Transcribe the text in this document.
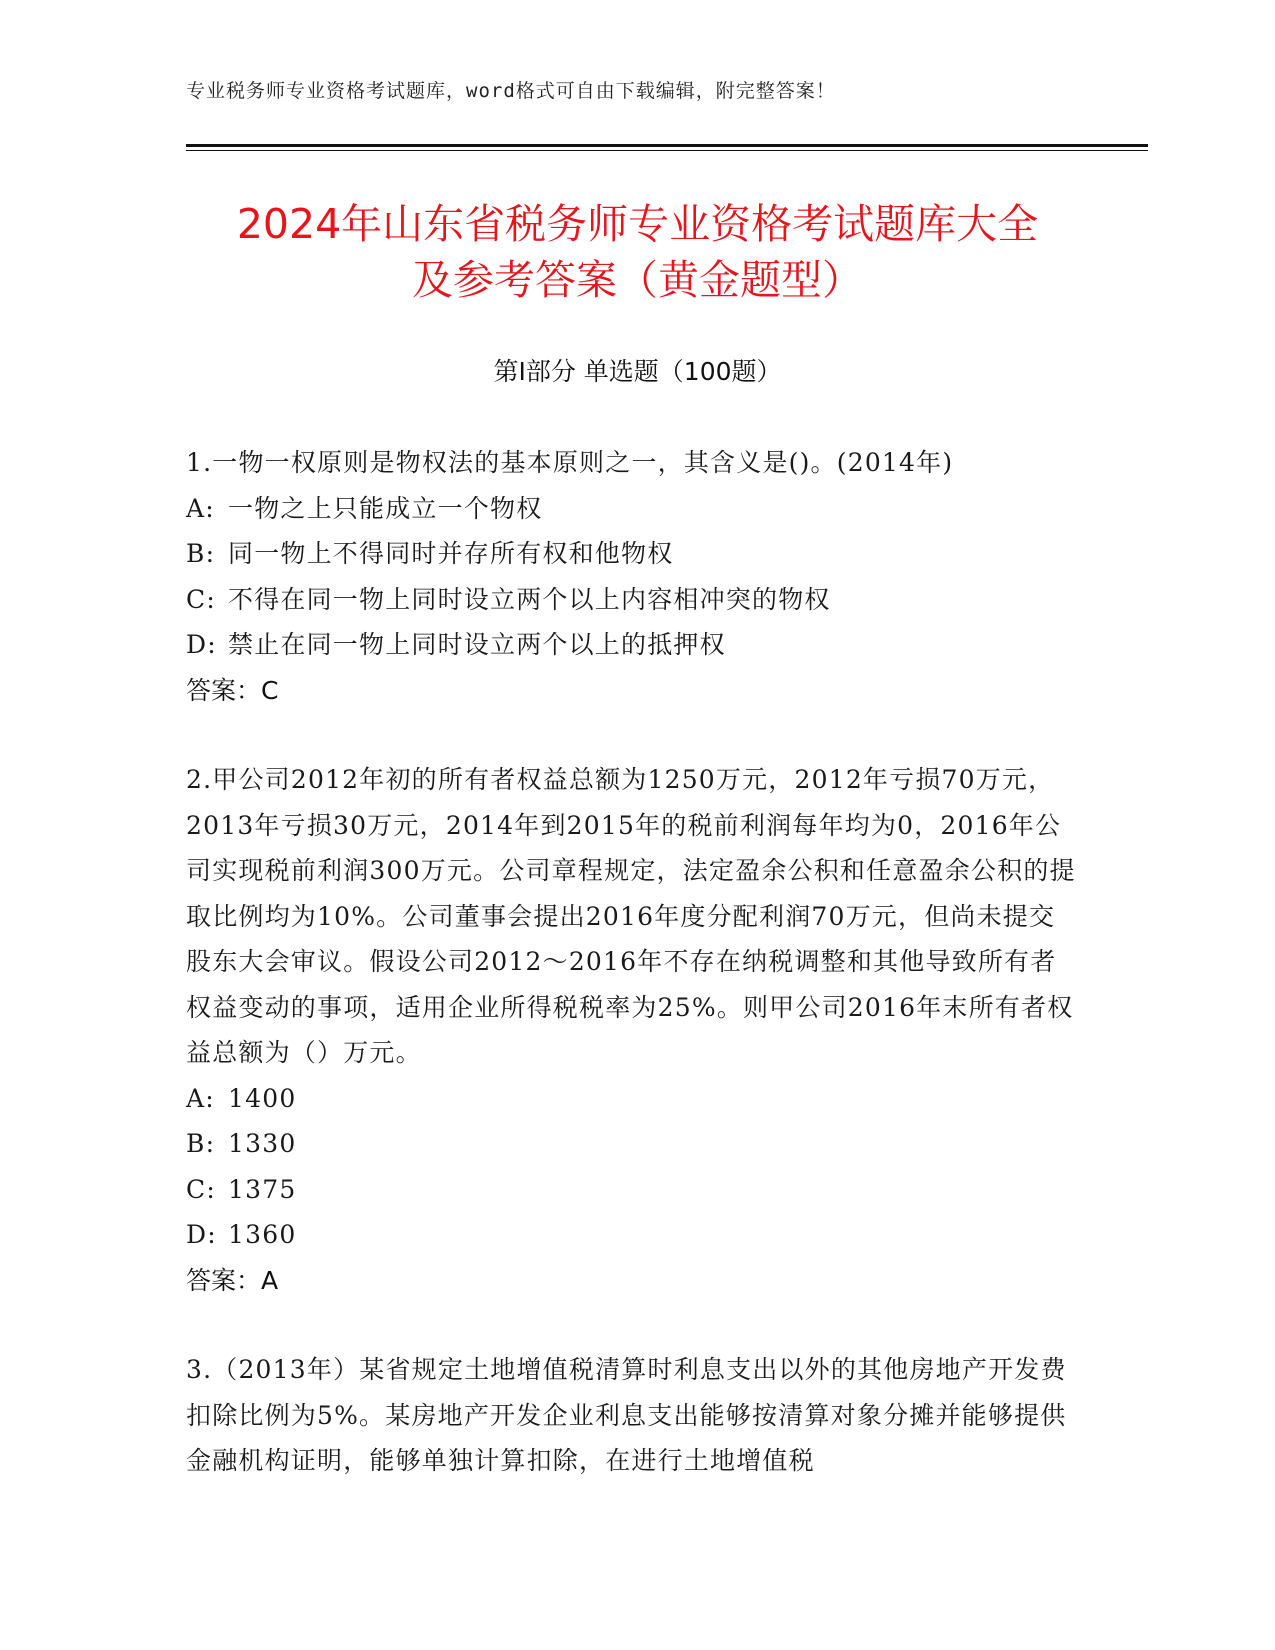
专业税务师专业资格考试题库，word格式可自由下载编辑，附完整答案！
2024年山东省税务师专业资格考试题库大全
及参考答案（黄金题型）
第Ⅰ部分 单选题（100题）
1.一物一权原则是物权法的基本原则之一，其含义是()。(2014年)
A: 一物之上只能成立一个物权
B: 同一物上不得同时并存所有权和他物权
C: 不得在同一物上同时设立两个以上内容相冲突的物权
D: 禁止在同一物上同时设立两个以上的抵押权
答案：C
2.甲公司2012年初的所有者权益总额为1250万元，2012年亏损70万元，2013年亏损30万元，2014年到2015年的税前利润每年均为0，2016年公司实现税前利润300万元。公司章程规定，法定盈余公积和任意盈余公积的提取比例均为10%。公司董事会提出2016年度分配利润70万元，但尚未提交股东大会审议。假设公司2012～2016年不存在纳税调整和其他导致所有者权益变动的事项，适用企业所得税税率为25%。则甲公司2016年末所有者权益总额为（）万元。
A: 1400
B: 1330
C: 1375
D: 1360
答案：A
3.（2013年）某省规定土地增值税清算时利息支出以外的其他房地产开发费扣除比例为5%。某房地产开发企业利息支出能够按清算对象分摊并能够提供金融机构证明，能够单独计算扣除，在进行土地增值税
